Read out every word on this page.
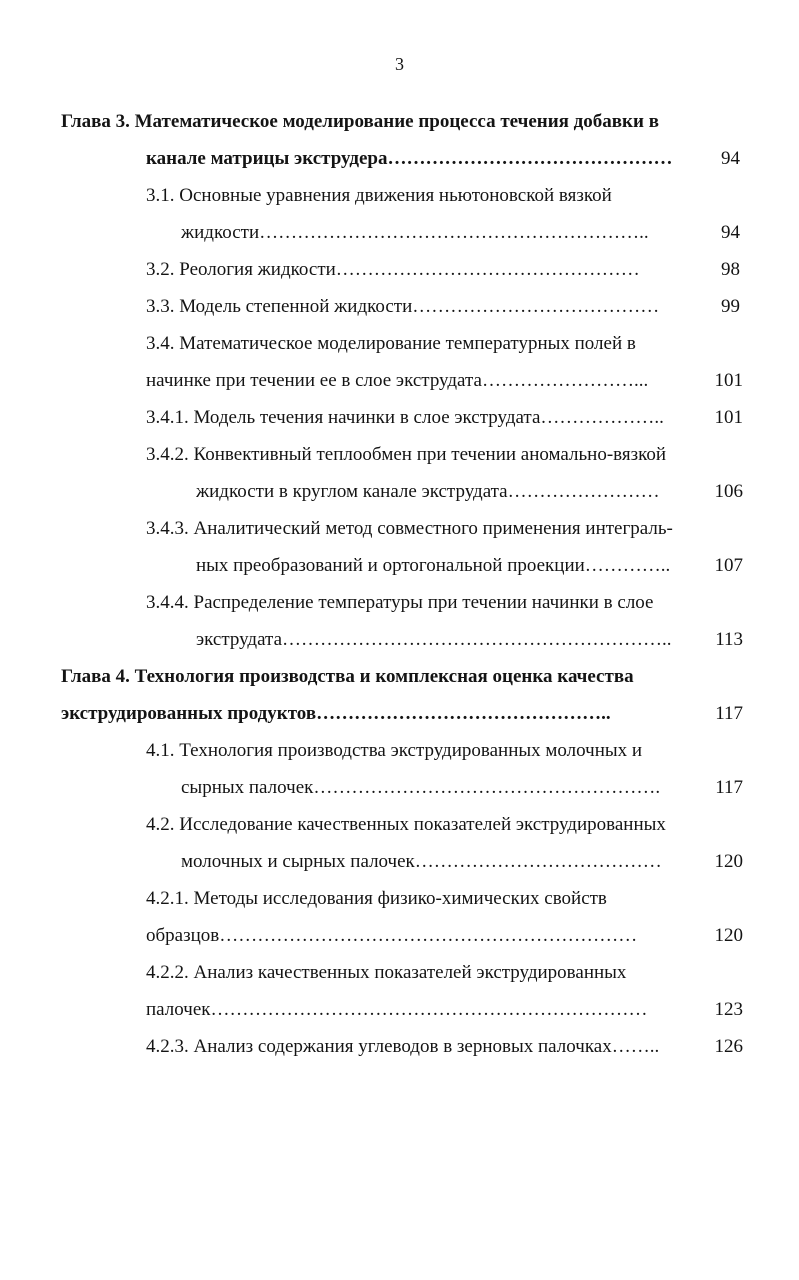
3
Глава 3. Математическое моделирование процесса течения добавки в
канале матрицы экструдера………………………………………	94
3.1. Основные уравнения движения ньютоновской вязкой
жидкости……………………………………………………..	94
3.2. Реология жидкости…………………………………………	98
3.3. Модель степенной жидкости…………………………………	99
3.4. Математическое моделирование температурных полей в
начинке при течении ее в слое экструдата……………………...	101
3.4.1. Модель течения начинки в слое экструдата………………..	101
3.4.2. Конвективный теплообмен при течении аномально-вязкой
жидкости в круглом канале экструдата……………………	106
3.4.3. Аналитический метод совместного применения интеграль-
ных преобразований и ортогональной проекции…………..	107
3.4.4. Распределение температуры при течении начинки в слое
экструдата……………………………………………………..	113
Глава 4. Технология производства и комплексная оценка качества
экструдированных продуктов………………………………………..	117
4.1. Технология производства экструдированных молочных и
сырных палочек……………………………………………….	117
4.2. Исследование качественных показателей экструдированных
молочных и сырных палочек…………………………………	120
4.2.1. Методы исследования физико-химических свойств
образцов…………………………………………………………	120
4.2.2. Анализ качественных показателей экструдированных
палочек……………………………………………………………	123
4.2.3. Анализ содержания углеводов в зерновых палочках……..	126
